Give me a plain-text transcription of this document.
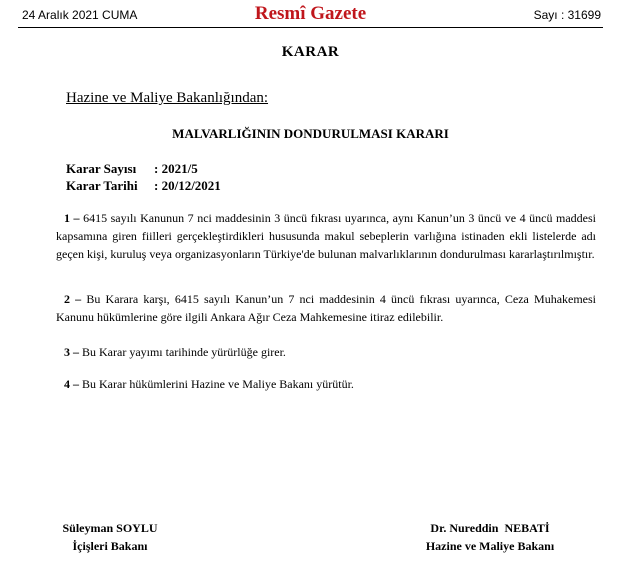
24 Aralık 2021 CUMA	Resmî Gazete	Sayı : 31699
KARAR
Hazine ve Maliye Bakanlığından:
MALVARLIĞININ DONDURULMASI KARARI
Karar Sayısı : 2021/5
Karar Tarihi : 20/12/2021
1 – 6415 sayılı Kanunun 7 nci maddesinin 3 üncü fıkrası uyarınca, aynı Kanun’un 3 üncü ve 4 üncü maddesi kapsamına giren fiilleri gerçekleştirdikleri hususunda makul sebeplerin varlığına istinaden ekli listelerde adı geçen kişi, kuruluş veya organizasyonların Türkiye'de bulunan malvarlıklarının dondurulması kararlaştırılmıştır.
2 – Bu Karara karşı, 6415 sayılı Kanun’un 7 nci maddesinin 4 üncü fıkrası uyarınca, Ceza Muhakemesi Kanunu hükümlerine göre ilgili Ankara Ağır Ceza Mahkemesine itiraz edilebilir.
3 – Bu Karar yayımı tarihinde yürürlüğe girer.
4 – Bu Karar hükümlerini Hazine ve Maliye Bakanı yürütür.
Süleyman SOYLU
İçişleri Bakanı
Dr. Nureddin  NEBATİ
Hazine ve Maliye Bakanı
